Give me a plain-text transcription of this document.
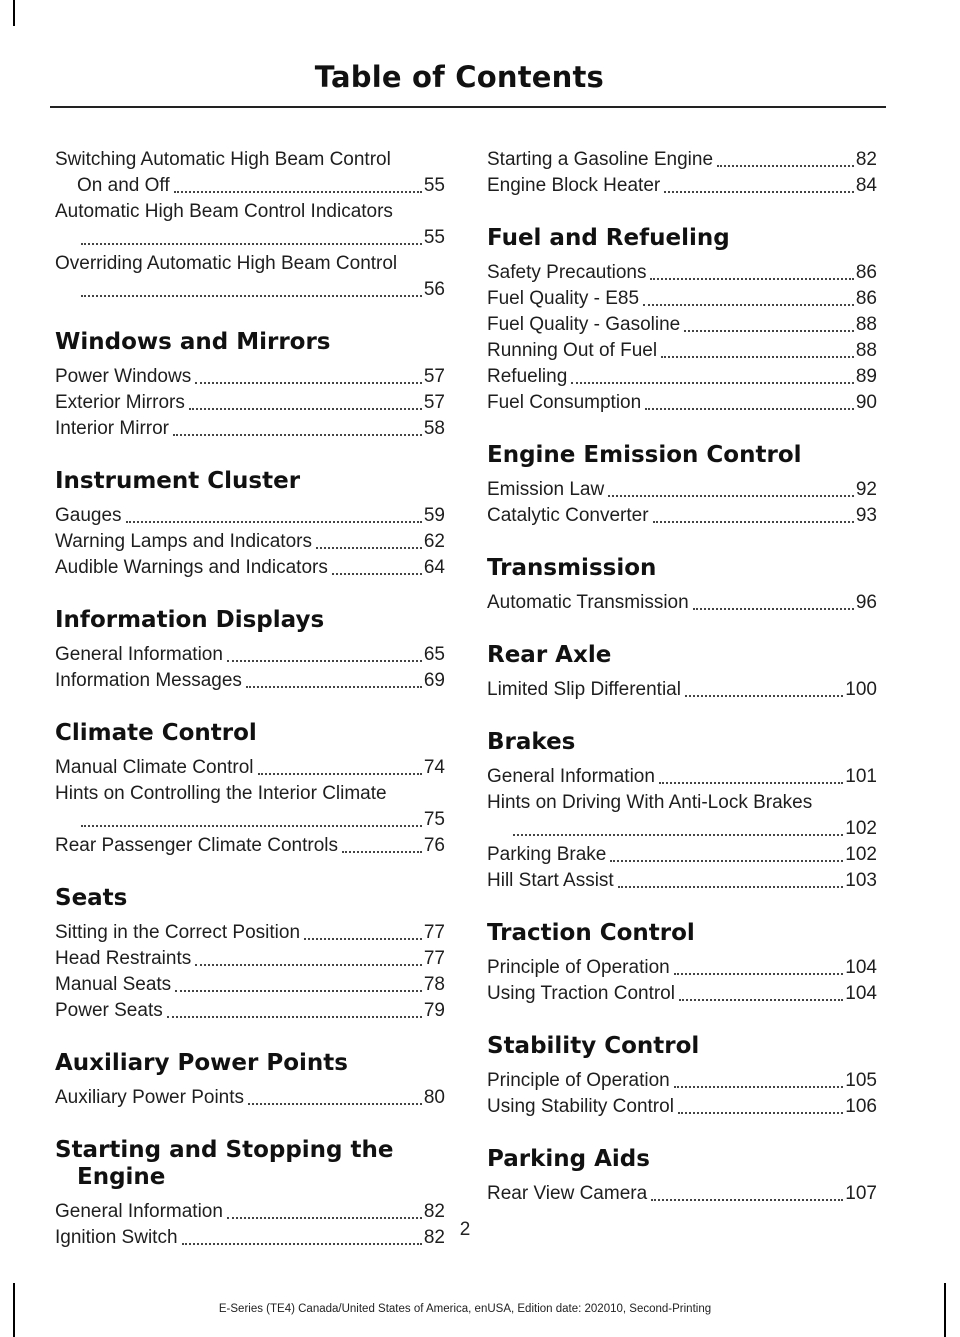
Table of Contents
Switching Automatic High Beam Control
On and Off	55
Automatic High Beam Control Indicators
55
Overriding Automatic High Beam Control
56
Windows and Mirrors
Power Windows	57
Exterior Mirrors	57
Interior Mirror	58
Instrument Cluster
Gauges	59
Warning Lamps and Indicators	62
Audible Warnings and Indicators	64
Information Displays
General Information	65
Information Messages	69
Climate Control
Manual Climate Control	74
Hints on Controlling the Interior Climate
75
Rear Passenger Climate Controls	76
Seats
Sitting in the Correct Position	77
Head Restraints	77
Manual Seats	78
Power Seats	79
Auxiliary Power Points
Auxiliary Power Points	80
Starting and Stopping the
Engine
General Information	82
Ignition Switch	82
Starting a Gasoline Engine	82
Engine Block Heater	84
Fuel and Refueling
Safety Precautions	86
Fuel Quality - E85	86
Fuel Quality - Gasoline	88
Running Out of Fuel	88
Refueling	89
Fuel Consumption	90
Engine Emission Control
Emission Law	92
Catalytic Converter	93
Transmission
Automatic Transmission	96
Rear Axle
Limited Slip Differential	100
Brakes
General Information	101
Hints on Driving With Anti-Lock Brakes
102
Parking Brake	102
Hill Start Assist	103
Traction Control
Principle of Operation	104
Using Traction Control	104
Stability Control
Principle of Operation	105
Using Stability Control	106
Parking Aids
Rear View Camera	107
2
E-Series (TE4) Canada/United States of America, enUSA, Edition date: 202010, Second-Printing
